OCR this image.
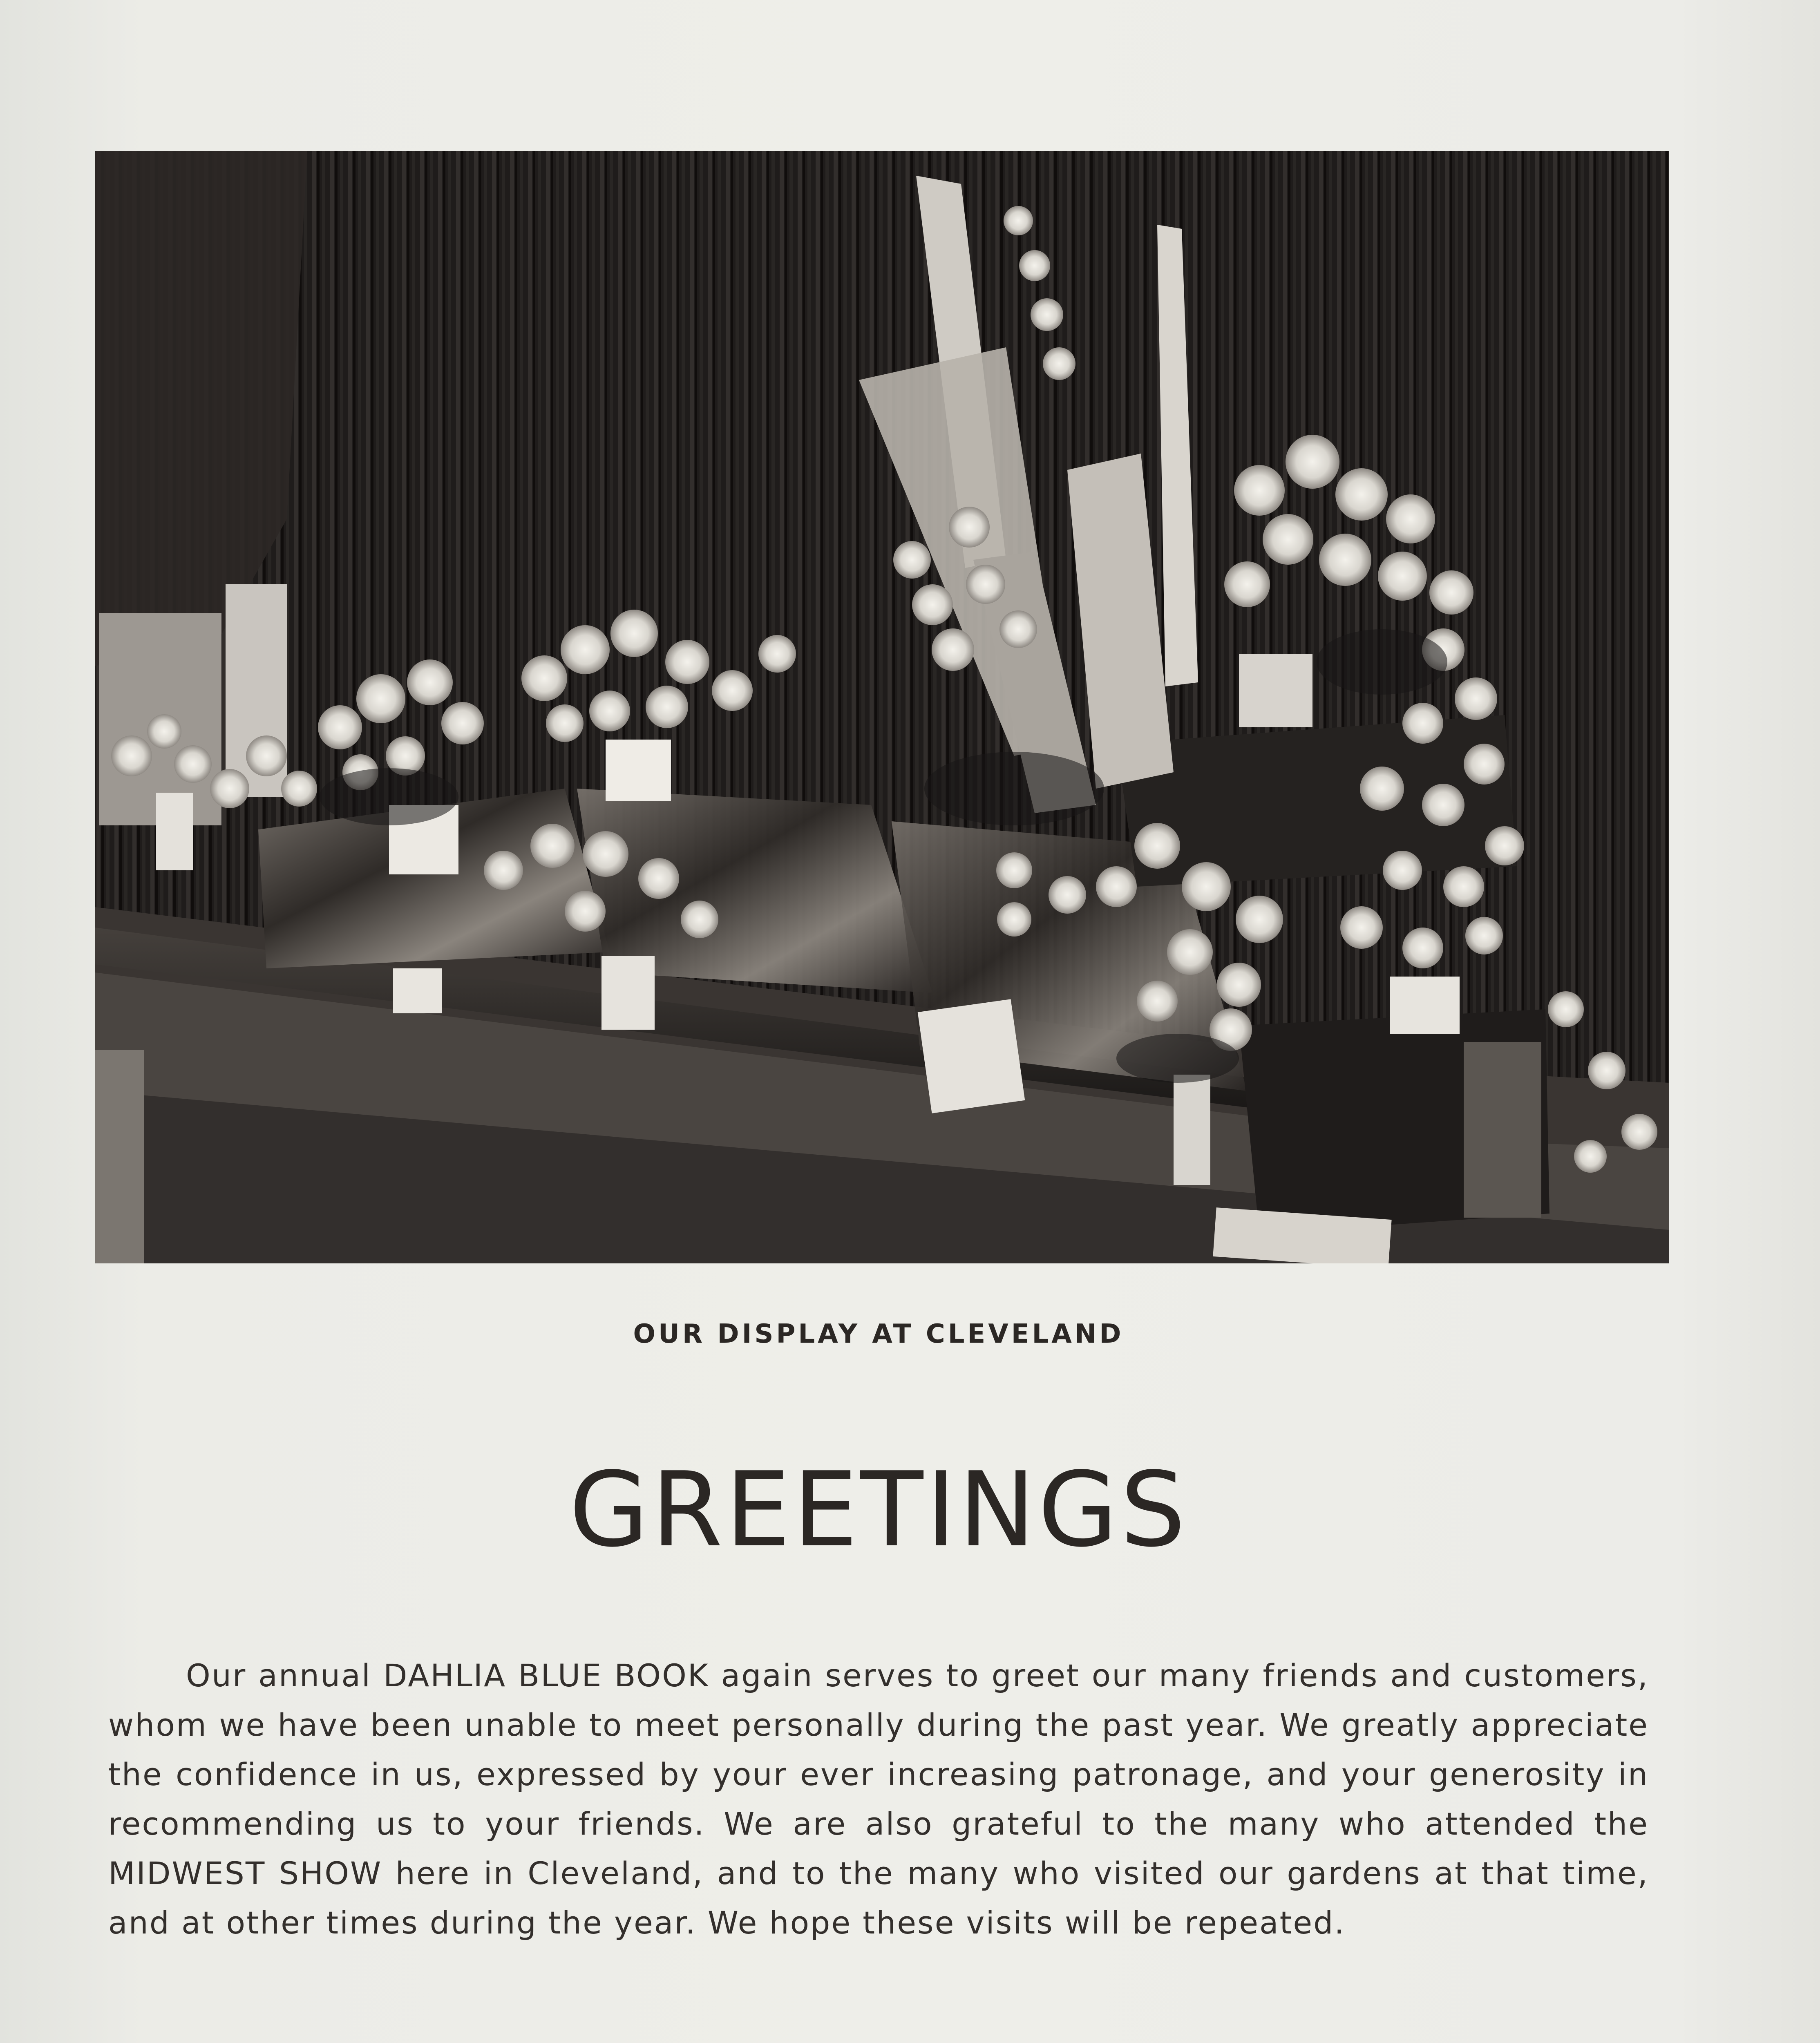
OUR DISPLAY AT CLEVELAND
GREETINGS

Our annual DAHLIA BLUE BOOK again serves to greet our many friends and customers, whom we have been unable to meet personally during the past year. We greatly appreciate the confidence in us, expressed by your ever increasing patronage, and your generosity in recommending us to your friends. We are also grateful to the many who attended the MIDWEST SHOW here in Cleveland, and to the many who visited our gardens at that time, and at other times during the year. We hope these visits will be repeated.
